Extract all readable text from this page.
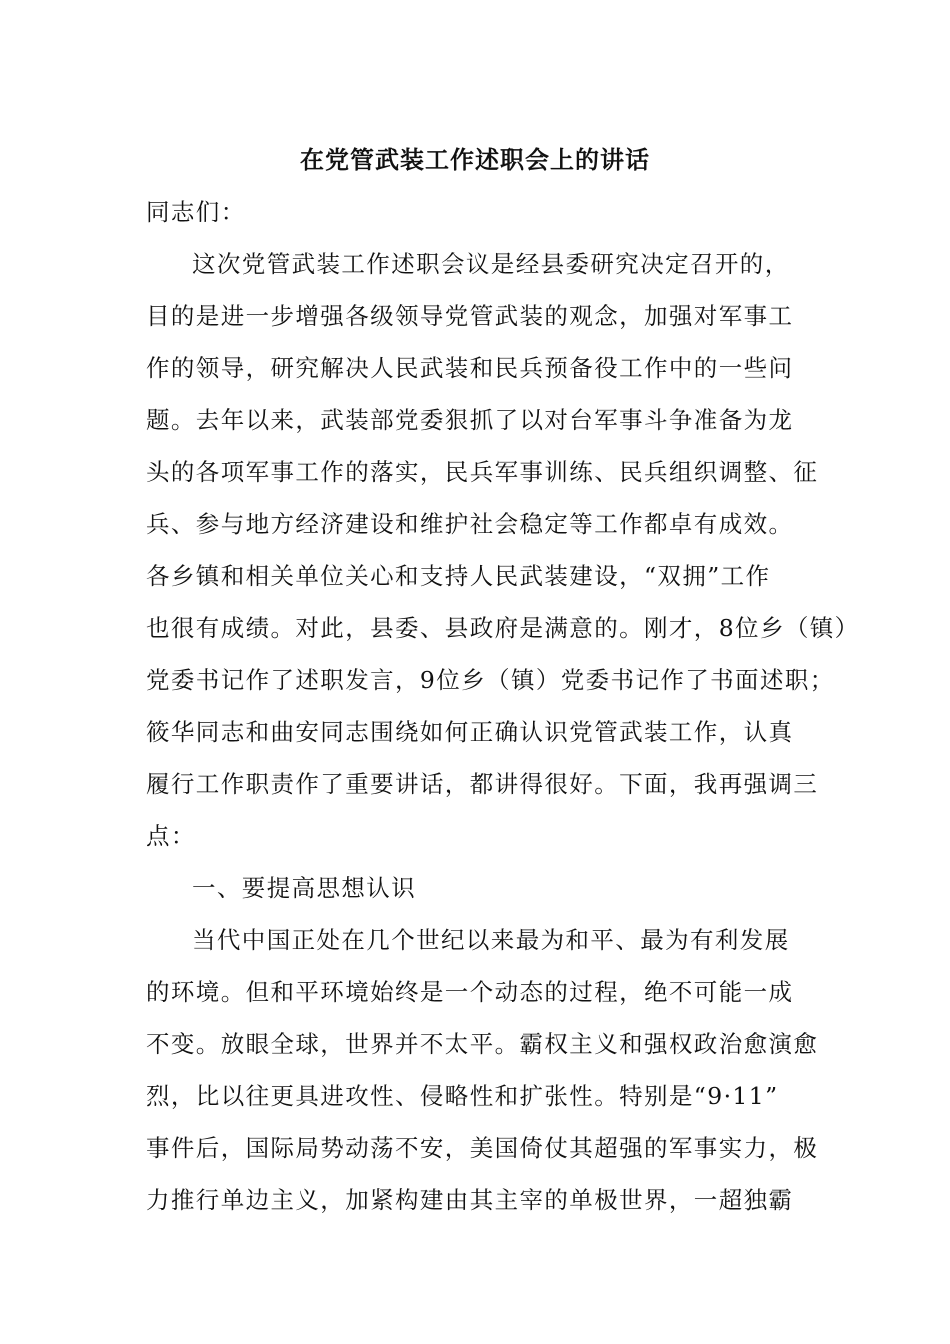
在党管武装工作述职会上的讲话
同志们：
这次党管武装工作述职会议是经县委研究决定召开的，
目的是进一步增强各级领导党管武装的观念，加强对军事工
作的领导，研究解决人民武装和民兵预备役工作中的一些问
题。去年以来，武装部党委狠抓了以对台军事斗争准备为龙
头的各项军事工作的落实，民兵军事训练、民兵组织调整、征
兵、参与地方经济建设和维护社会稳定等工作都卓有成效。
各乡镇和相关单位关心和支持人民武装建设，“双拥”工作
也很有成绩。对此，县委、县政府是满意的。刚才，8位乡（镇）
党委书记作了述职发言，9位乡（镇）党委书记作了书面述职；
筱华同志和曲安同志围绕如何正确认识党管武装工作，认真
履行工作职责作了重要讲话，都讲得很好。下面，我再强调三
点：
一、要提高思想认识
当代中国正处在几个世纪以来最为和平、最为有利发展
的环境。但和平环境始终是一个动态的过程，绝不可能一成
不变。放眼全球，世界并不太平。霸权主义和强权政治愈演愈
烈，比以往更具进攻性、侵略性和扩张性。特别是“9·11”
事件后，国际局势动荡不安，美国倚仗其超强的军事实力，极
力推行单边主义，加紧构建由其主宰的单极世界，一超独霸
